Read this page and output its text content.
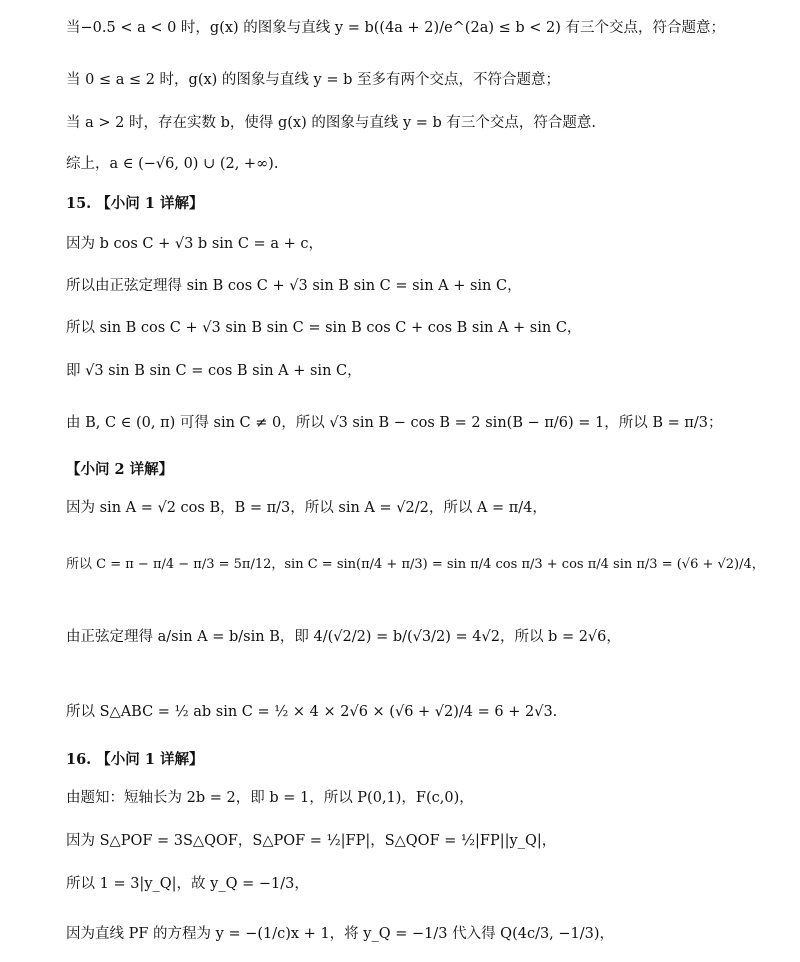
当−0.5 < a < 0 时，g(x) 的图象与直线 y = b((4a + 2)/e^(2a) ≤ b < 2) 有三个交点，符合题意；
当 0 ≤ a ≤ 2 时，g(x) 的图象与直线 y = b 至多有两个交点，不符合题意；
当 a > 2 时，存在实数 b，使得 g(x) 的图象与直线 y = b 有三个交点，符合题意.
综上，a ∈ (−√6, 0) ∪ (2, +∞).
15. 【小问 1 详解】
因为 b cos C + √3 b sin C = a + c，
所以由正弦定理得 sin B cos C + √3 sin B sin C = sin A + sin C，
所以 sin B cos C + √3 sin B sin C = sin B cos C + cos B sin A + sin C，
即 √3 sin B sin C = cos B sin A + sin C，
由 B, C ∈ (0, π) 可得 sin C ≠ 0，所以 √3 sin B − cos B = 2 sin(B − π/6) = 1，所以 B = π/3；
【小问 2 详解】
因为 sin A = √2 cos B，B = π/3，所以 sin A = √2/2，所以 A = π/4，
所以 C = π − π/4 − π/3 = 5π/12，sin C = sin(π/4 + π/3) = sin π/4 cos π/3 + cos π/4 sin π/3 = (√6 + √2)/4，
由正弦定理得 a/sin A = b/sin B，即 4/(√2/2) = b/(√3/2) = 4√2，所以 b = 2√6，
所以 S△ABC = ½ ab sin C = ½ × 4 × 2√6 × (√6 + √2)/4 = 6 + 2√3.
16. 【小问 1 详解】
由题知：短轴长为 2b = 2，即 b = 1，所以 P(0,1)，F(c,0)，
因为 S△POF = 3S△QOF，S△POF = ½|FP|，S△QOF = ½|FP||y_Q|，
所以 1 = 3|y_Q|，故 y_Q = −1/3，
因为直线 PF 的方程为 y = −(1/c)x + 1，将 y_Q = −1/3 代入得 Q(4c/3, −1/3)，
